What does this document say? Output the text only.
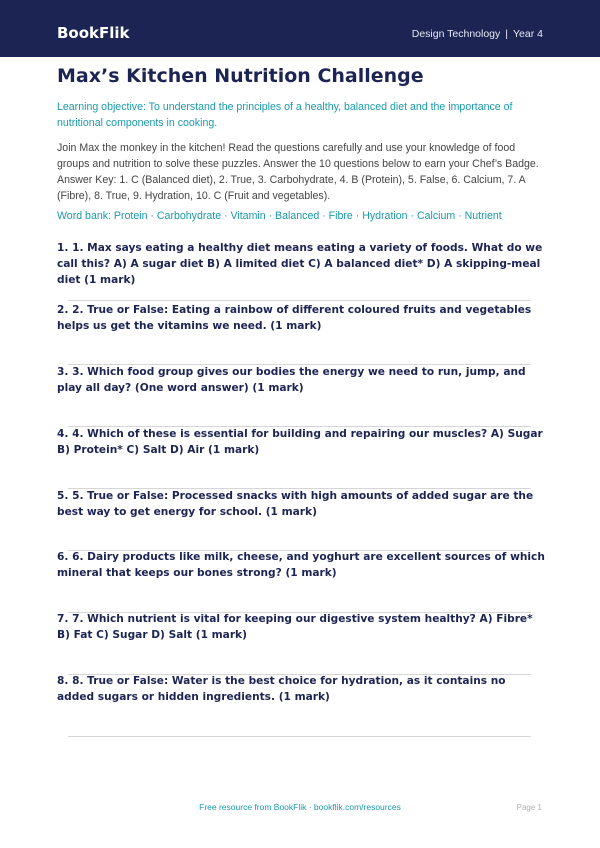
BookFlik	Design Technology | Year 4
Max’s Kitchen Nutrition Challenge

Learning objective: To understand the principles of a healthy, balanced diet and the importance of nutritional components in cooking.

Join Max the monkey in the kitchen! Read the questions carefully and use your knowledge of food groups and nutrition to solve these puzzles. Answer the 10 questions below to earn your Chef’s Badge.

Answer Key: 1. C (Balanced diet), 2. True, 3. Carbohydrate, 4. B (Protein), 5. False, 6. Calcium, 7. A (Fibre), 8. True, 9. Hydration, 10. C (Fruit and vegetables).

Word bank: Protein · Carbohydrate · Vitamin · Balanced · Fibre · Hydration · Calcium · Nutrient

1. 1. Max says eating a healthy diet means eating a variety of foods. What do we call this? A) A sugar diet B) A limited diet C) A balanced diet* D) A skipping-meal diet (1 mark)
2. 2. True or False: Eating a rainbow of different coloured fruits and vegetables helps us get the vitamins we need. (1 mark)
3. 3. Which food group gives our bodies the energy we need to run, jump, and play all day? (One word answer) (1 mark)
4. 4. Which of these is essential for building and repairing our muscles? A) Sugar B) Protein* C) Salt D) Air (1 mark)
5. 5. True or False: Processed snacks with high amounts of added sugar are the best way to get energy for school. (1 mark)
6. 6. Dairy products like milk, cheese, and yoghurt are excellent sources of which mineral that keeps our bones strong? (1 mark)
7. 7. Which nutrient is vital for keeping our digestive system healthy? A) Fibre* B) Fat C) Sugar D) Salt (1 mark)
8. 8. True or False: Water is the best choice for hydration, as it contains no added sugars or hidden ingredients. (1 mark)
Free resource from BookFlik · bookflik.com/resources	Page 1
